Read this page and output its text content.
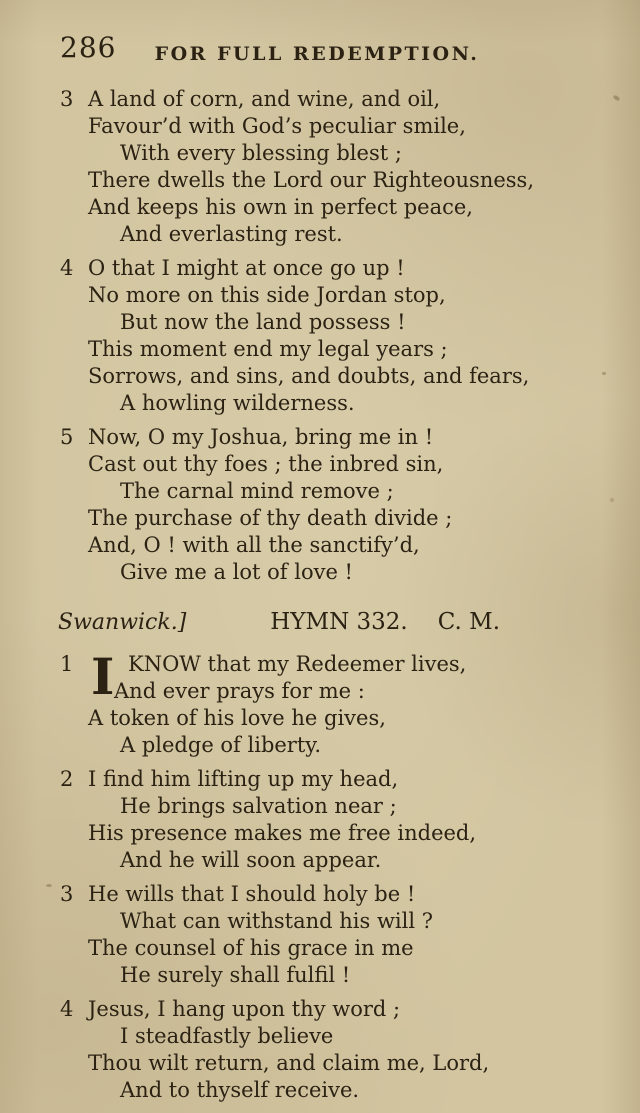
286	FOR FULL REDEMPTION.
3 A land of corn, and wine, and oil,
Favour’d with God’s peculiar smile,
With every blessing blest ;
There dwells the Lord our Righteousness,
And keeps his own in perfect peace,
And everlasting rest.
4 O that I might at once go up !
No more on this side Jordan stop,
But now the land possess !
This moment end my legal years ;
Sorrows, and sins, and doubts, and fears,
A howling wilderness.
5 Now, O my Joshua, bring me in !
Cast out thy foes ; the inbred sin,
The carnal mind remove ;
The purchase of thy death divide ;
And, O ! with all the sanctify’d,
Give me a lot of love !
Swanwick.]	HYMN 332. C. M.
1 I KNOW that my Redeemer lives,
And ever prays for me :
A token of his love he gives,
A pledge of liberty.
2 I find him lifting up my head,
He brings salvation near ;
His presence makes me free indeed,
And he will soon appear.
3 He wills that I should holy be !
What can withstand his will ?
The counsel of his grace in me
He surely shall fulfil !
4 Jesus, I hang upon thy word ;
I steadfastly believe
Thou wilt return, and claim me, Lord,
And to thyself receive.
